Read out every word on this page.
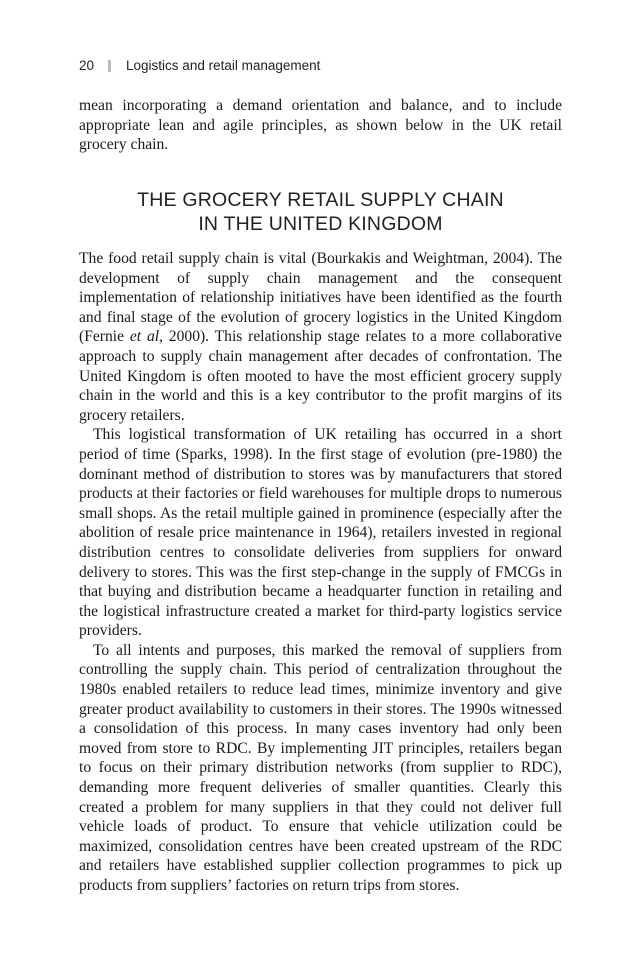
20 Logistics and retail management

mean incorporating a demand orientation and balance, and to include appropriate lean and agile principles, as shown below in the UK retail grocery chain.

THE GROCERY RETAIL SUPPLY CHAIN
IN THE UNITED KINGDOM

The food retail supply chain is vital (Bourkakis and Weightman, 2004). The development of supply chain management and the consequent implementation of relationship initiatives have been identified as the fourth and final stage of the evolution of grocery logistics in the United Kingdom (Fernie et al, 2000). This relationship stage relates to a more collaborative approach to supply chain management after decades of confrontation. The United Kingdom is often mooted to have the most efficient grocery supply chain in the world and this is a key contributor to the profit margins of its grocery retailers.

This logistical transformation of UK retailing has occurred in a short period of time (Sparks, 1998). In the first stage of evolution (pre-1980) the dominant method of distribution to stores was by manufacturers that stored products at their factories or field warehouses for multiple drops to numerous small shops. As the retail multiple gained in prominence (especially after the abolition of resale price maintenance in 1964), retailers invested in regional distribution centres to consolidate deliveries from suppliers for onward delivery to stores. This was the first step-change in the supply of FMCGs in that buying and distribution became a headquarter function in retailing and the logistical infrastructure created a market for third-party logistics service providers.

To all intents and purposes, this marked the removal of suppliers from controlling the supply chain. This period of centralization throughout the 1980s enabled retailers to reduce lead times, minimize inventory and give greater product availability to customers in their stores. The 1990s witnessed a consolidation of this process. In many cases inventory had only been moved from store to RDC. By implementing JIT principles, retailers began to focus on their primary distribution networks (from supplier to RDC), demanding more frequent deliveries of smaller quantities. Clearly this created a problem for many suppliers in that they could not deliver full vehicle loads of product. To ensure that vehicle utilization could be maximized, consolidation centres have been created upstream of the RDC and retailers have established supplier collection programmes to pick up products from suppliers’ factories on return trips from stores.
